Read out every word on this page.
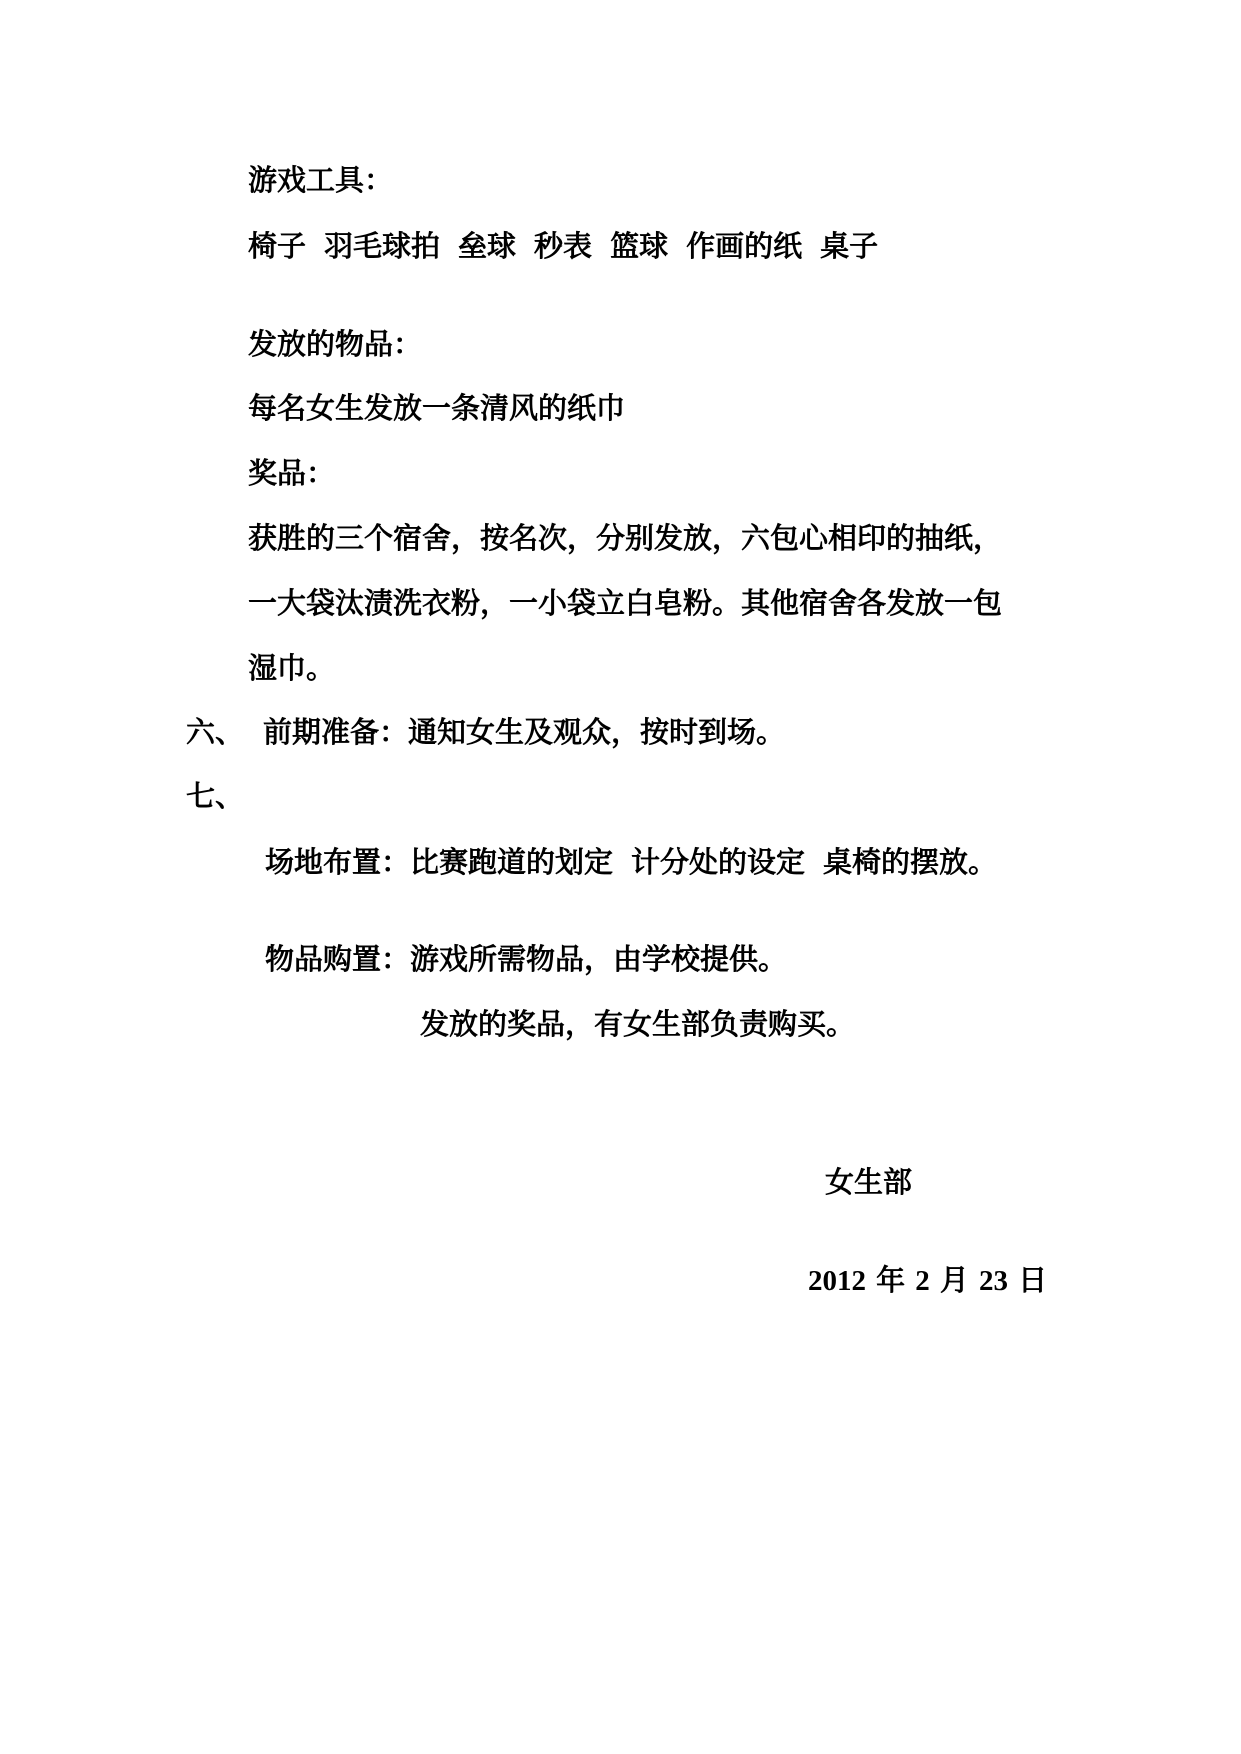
游戏工具：
椅子 羽毛球拍 垒球 秒表 篮球 作画的纸 桌子
发放的物品：
每名女生发放一条清风的纸巾
奖品：
获胜的三个宿舍，按名次，分别发放，六包心相印的抽纸，
一大袋汰渍洗衣粉，一小袋立白皂粉。其他宿舍各发放一包
湿巾。
六、 前期准备：通知女生及观众，按时到场。
七、
场地布置：比赛跑道的划定 计分处的设定 桌椅的摆放。
物品购置：游戏所需物品，由学校提供。
发放的奖品，有女生部负责购买。
女生部
2012 年 2 月 23 日
